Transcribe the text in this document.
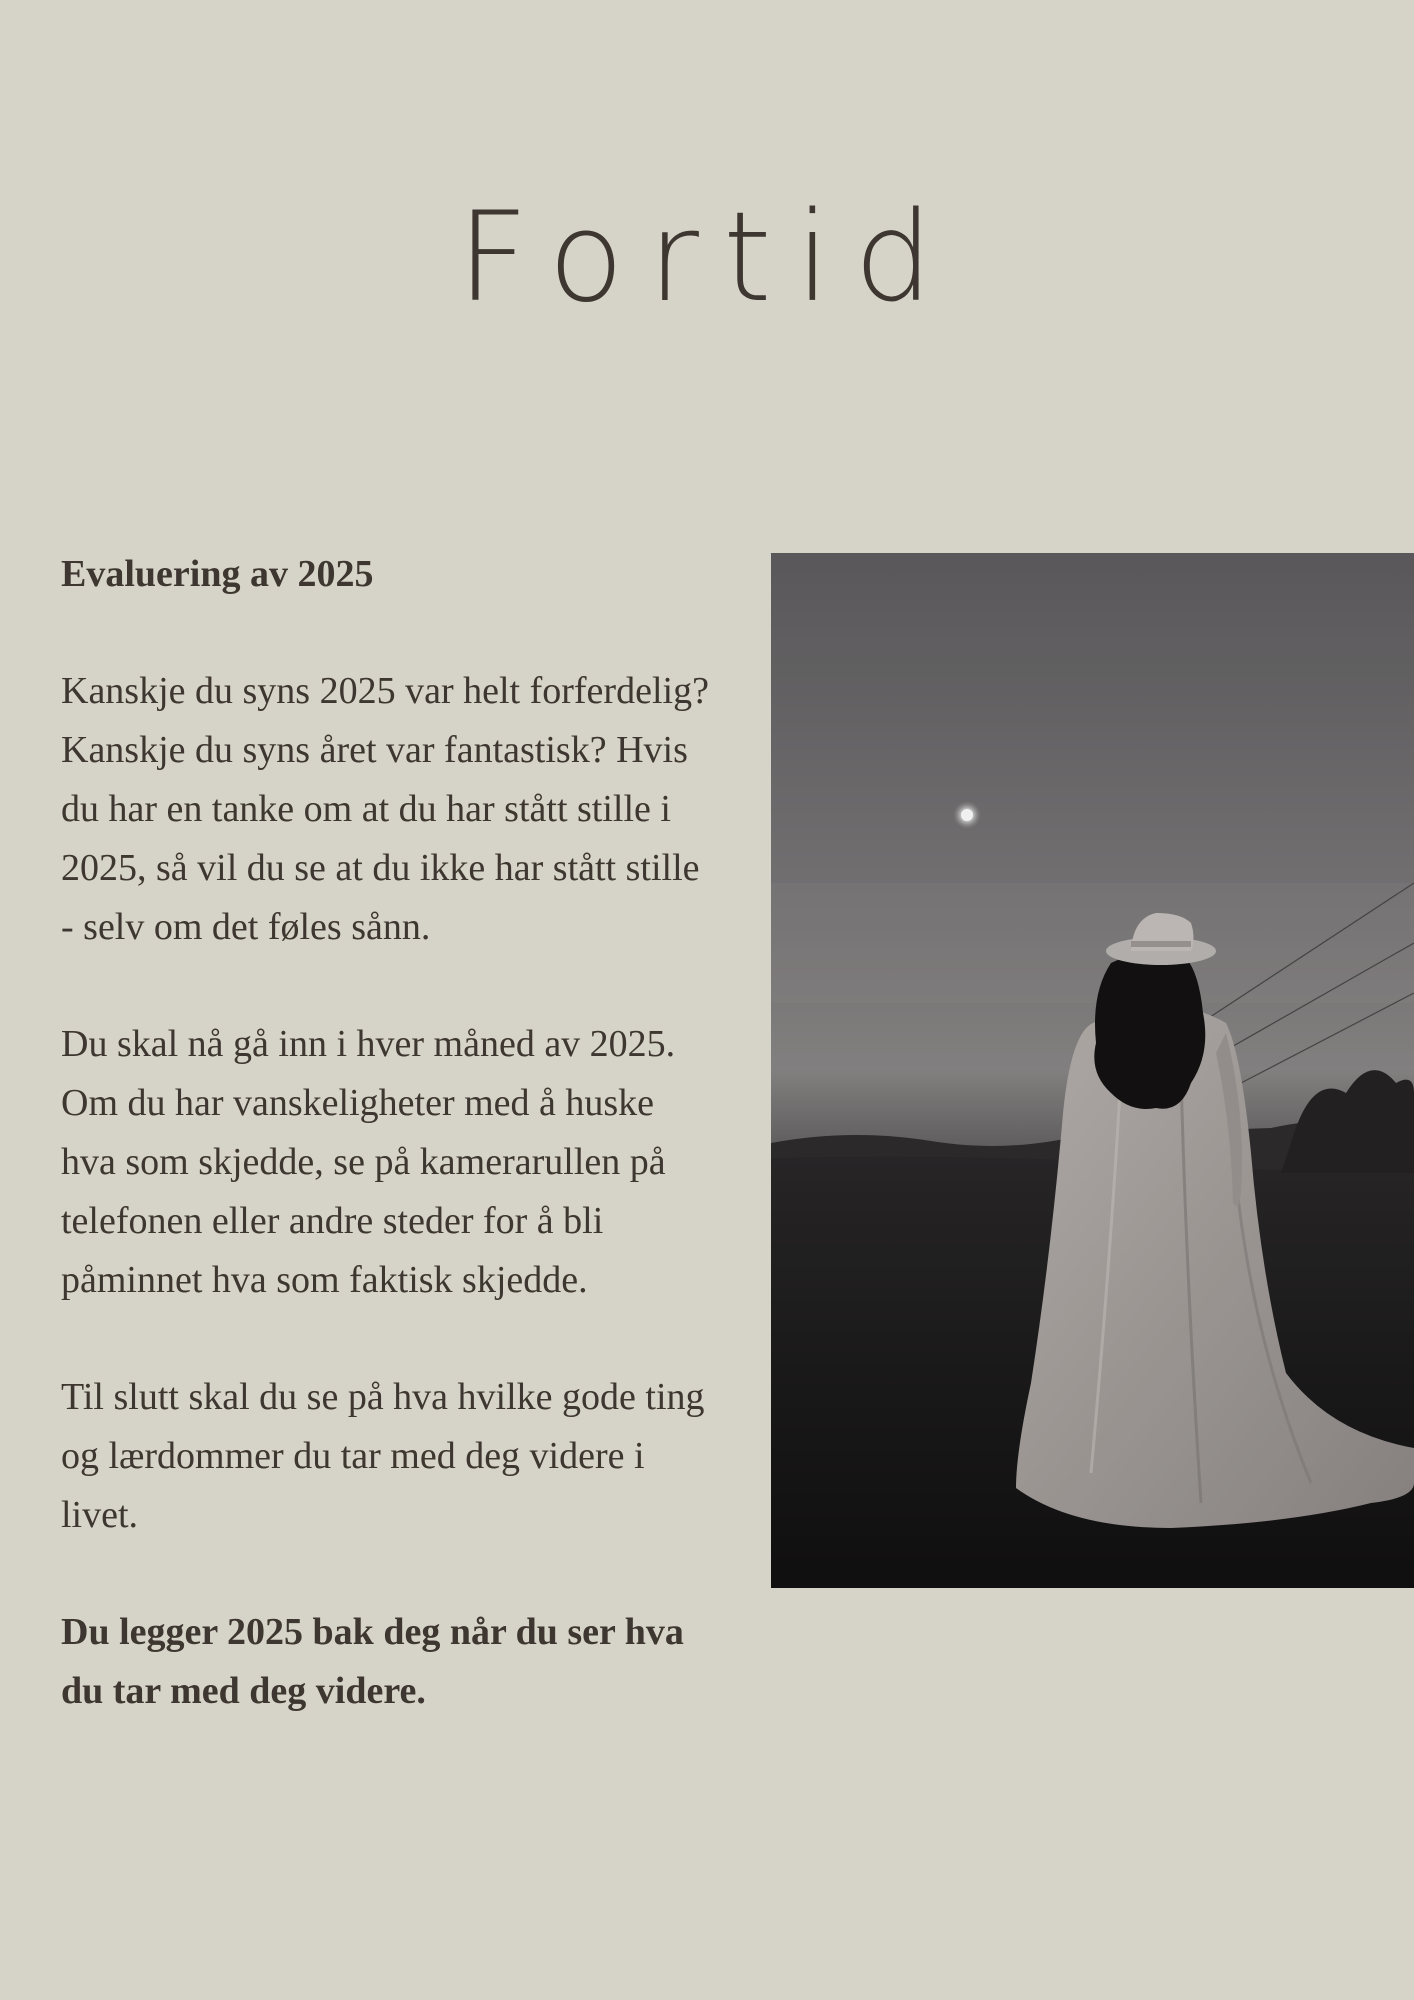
Fortid

Evaluering av 2025

Kanskje du syns 2025 var helt forferdelig? Kanskje du syns året var fantastisk? Hvis du har en tanke om at du har stått stille i 2025, så vil du se at du ikke har stått stille - selv om det føles sånn.

Du skal nå gå inn i hver måned av 2025. Om du har vanskeligheter med å huske hva som skjedde, se på kamerarullen på telefonen eller andre steder for å bli påminnet hva som faktisk skjedde.

Til slutt skal du se på hva hvilke gode ting og lærdommer du tar med deg videre i livet.

Du legger 2025 bak deg når du ser hva du tar med deg videre.
